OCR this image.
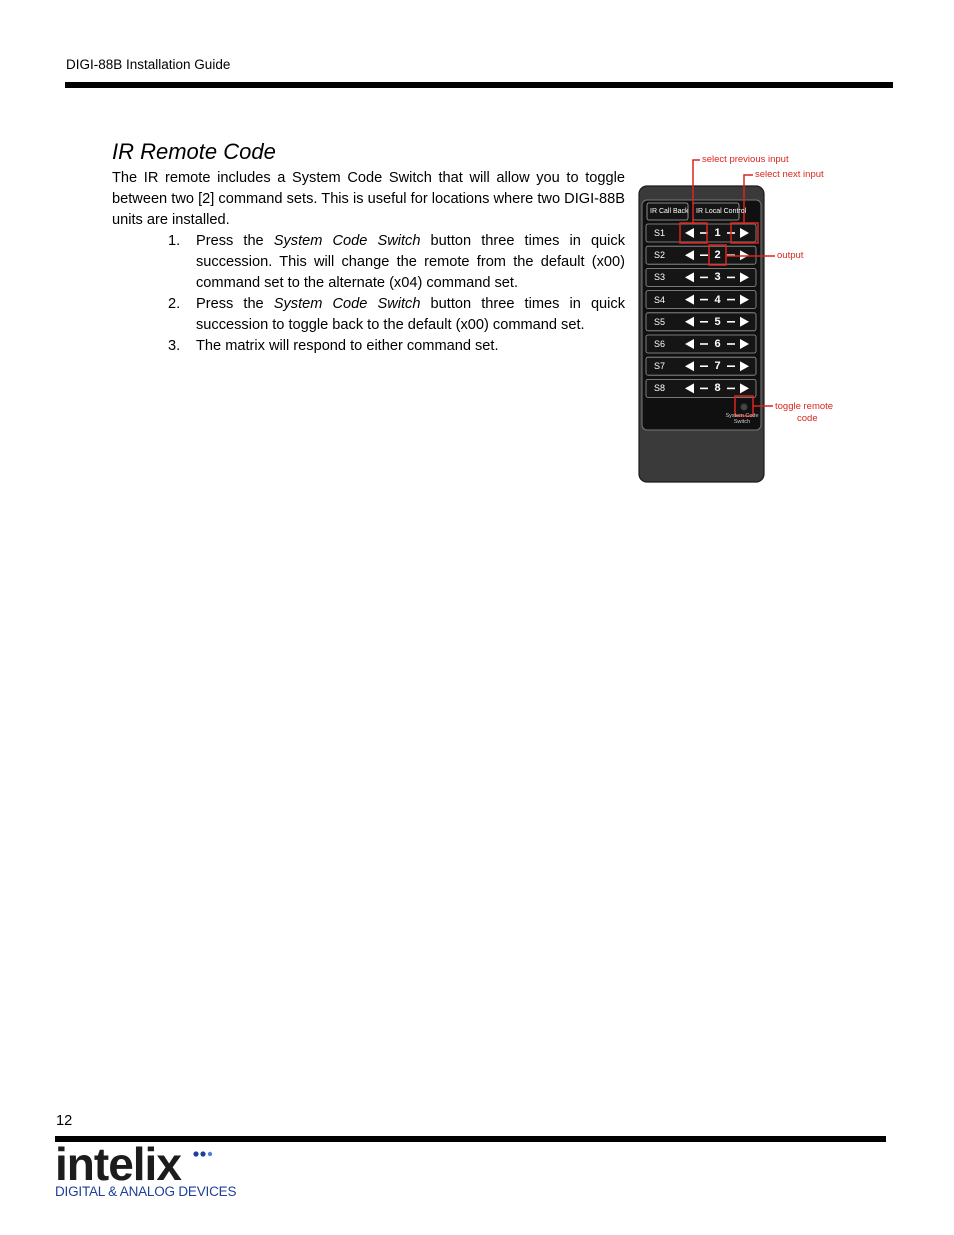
DIGI-88B Installation Guide
IR Remote Code

The IR remote includes a System Code Switch that will allow you to toggle between two [2] command sets. This is useful for locations where two DIGI-88B units are installed.

1. Press the System Code Switch button three times in quick succession. This will change the remote from the default (x00) command set to the alternate (x04) command set.
2. Press the System Code Switch button three times in quick succession to toggle back to the default (x00) command set.
3. The matrix will respond to either command set.
IR Call Back IR Local Control
S1	1
S2	2
S3	3
S4	4
S5	5
S6	6
S7	7
S8	8
System Code
Switch
select previous input
select next input
output
toggle remote
code
12
intelix
DIGITAL & ANALOG DEVICES
